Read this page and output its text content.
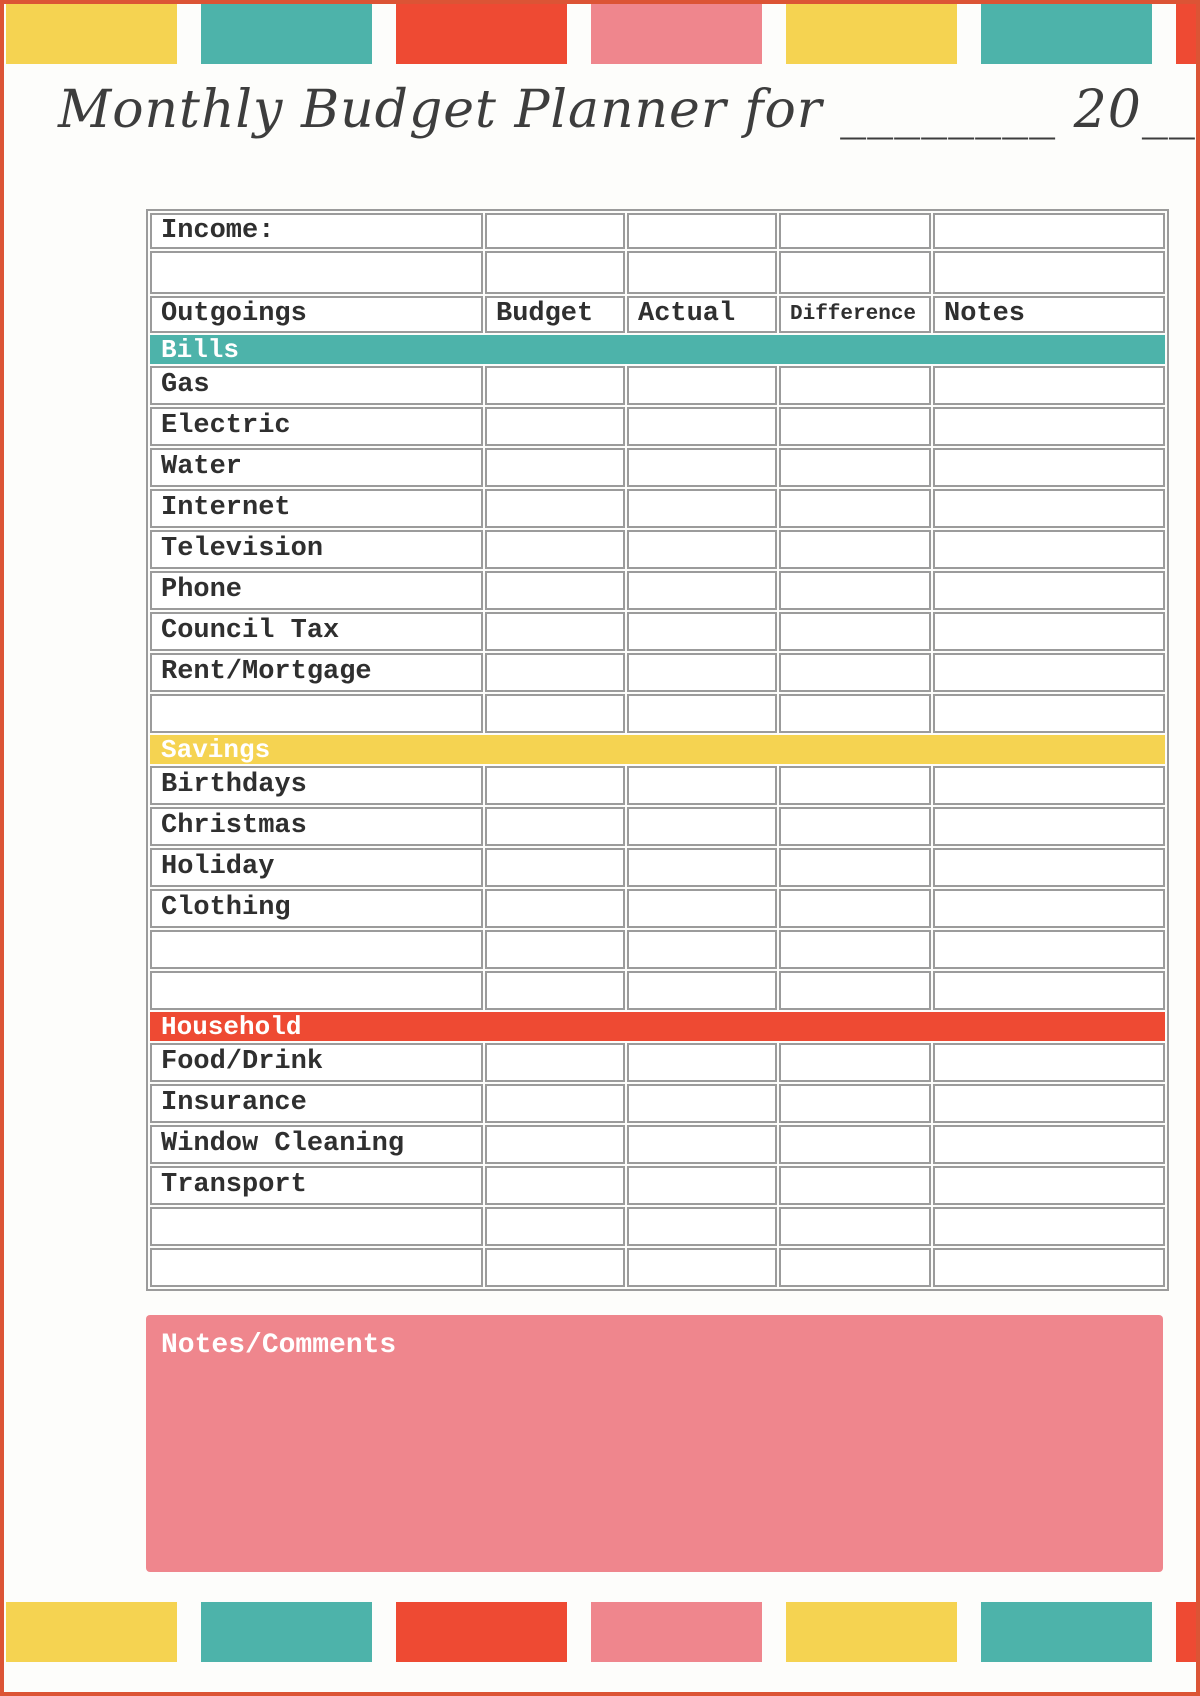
Monthly Budget Planner for ________ 20__
Income:				

Outgoings	Budget	Actual	Difference	Notes
Bills				
Gas				
Electric				
Water				
Internet				
Television				
Phone				
Council Tax				
Rent/Mortgage				

Savings				
Birthdays				
Christmas				
Holiday				
Clothing				

Household				
Food/Drink				
Insurance				
Window Cleaning				
Transport				

Notes/Comments
